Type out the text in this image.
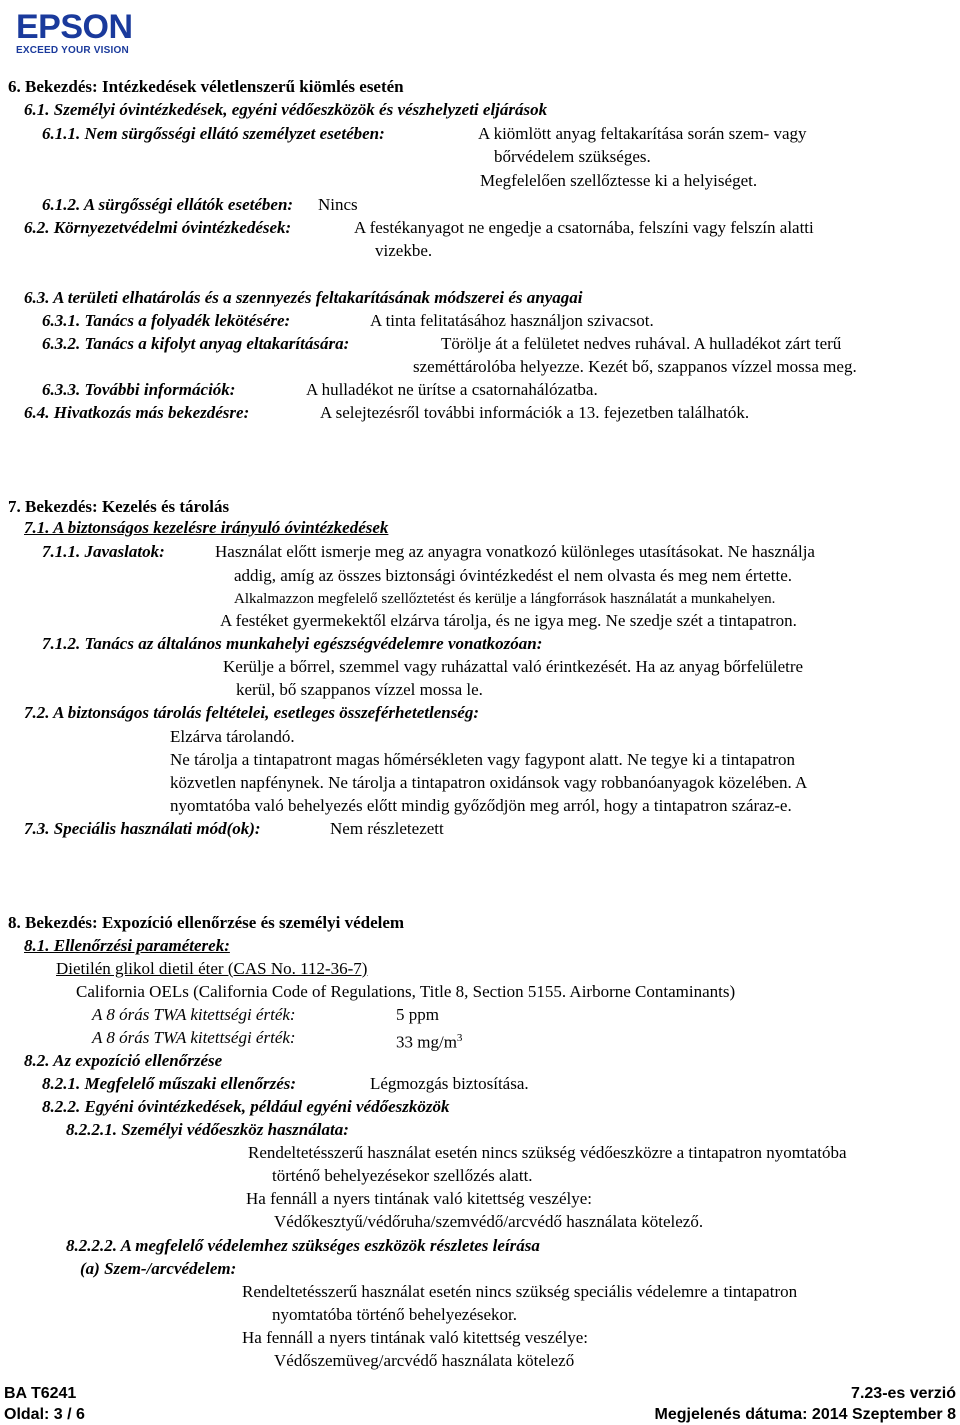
EPSON
EXCEED YOUR VISION
6. Bekezdés: Intézkedések véletlenszerű kiömlés esetén
6.1. Személyi óvintézkedések, egyéni védőeszközök és vészhelyzeti eljárások
6.1.1. Nem sürgősségi ellátó személyzet esetében:	A kiömlött anyag feltakarítása során szem- vagy
bőrvédelem szükséges.
Megfelelően szellőztesse ki a helyiséget.
6.1.2. A sürgősségi ellátók esetében: Nincs
6.2. Környezetvédelmi óvintézkedések:	A festékanyagot ne engedje a csatornába, felszíni vagy felszín alatti
vizekbe.
6.3. A területi elhatárolás és a szennyezés feltakarításának módszerei és anyagai
6.3.1. Tanács a folyadék lekötésére:	A tinta felitatásához használjon szivacsot.
6.3.2. Tanács a kifolyt anyag eltakarítására:	Törölje át a felületet nedves ruhával. A hulladékot zárt terű
szeméttárolóba helyezze. Kezét bő, szappanos vízzel mossa meg.
6.3.3. További információk:	A hulladékot ne ürítse a csatornahálózatba.
6.4. Hivatkozás más bekezdésre:	A selejtezésről további információk a 13. fejezetben találhatók.
7. Bekezdés: Kezelés és tárolás
7.1. A biztonságos kezelésre irányuló óvintézkedések
7.1.1. Javaslatok:	Használat előtt ismerje meg az anyagra vonatkozó különleges utasításokat. Ne használja
addig, amíg az összes biztonsági óvintézkedést el nem olvasta és meg nem értette.
Alkalmazzon megfelelő szellőztetést és kerülje a lángforrások használatát a munkahelyen.
A festéket gyermekektől elzárva tárolja, és ne igya meg. Ne szedje szét a tintapatron.
7.1.2. Tanács az általános munkahelyi egészségvédelemre vonatkozóan:
Kerülje a bőrrel, szemmel vagy ruházattal való érintkezését. Ha az anyag bőrfelületre
kerül, bő szappanos vízzel mossa le.
7.2. A biztonságos tárolás feltételei, esetleges összeférhetetlenség:
Elzárva tárolandó.
Ne tárolja a tintapatront magas hőmérsékleten vagy fagypont alatt. Ne tegye ki a tintapatron
közvetlen napfénynek. Ne tárolja a tintapatron oxidánsok vagy robbanóanyagok közelében. A
nyomtatóba való behelyezés előtt mindig győződjön meg arról, hogy a tintapatron száraz-e.
7.3. Speciális használati mód(ok):	Nem részletezett
8. Bekezdés: Expozíció ellenőrzése és személyi védelem
8.1. Ellenőrzési paraméterek:
Dietilén glikol dietil éter (CAS No. 112-36-7)
California OELs (California Code of Regulations, Title 8, Section 5155. Airborne Contaminants)
A 8 órás TWA kitettségi érték:	5 ppm
A 8 órás TWA kitettségi érték:	33 $mg/m^3$
8.2. Az expozíció ellenőrzése
8.2.1. Megfelelő műszaki ellenőrzés:	Légmozgás biztosítása.
8.2.2. Egyéni óvintézkedések, például egyéni védőeszközök
8.2.2.1. Személyi védőeszköz használata:
Rendeltetésszerű használat esetén nincs szükség védőeszközre a tintapatron nyomtatóba
történő behelyezésekor szellőzés alatt.
Ha fennáll a nyers tintának való kitettség veszélye:
Védőkesztyű/védőruha/szemvédő/arcvédő használata kötelező.
8.2.2.2. A megfelelő védelemhez szükséges eszközök részletes leírása
(a) Szem-/arcvédelem:
Rendeltetésszerű használat esetén nincs szükség speciális védelemre a tintapatron
nyomtatóba történő behelyezésekor.
Ha fennáll a nyers tintának való kitettség veszélye:
Védőszemüveg/arcvédő használata kötelező
BA T6241
Oldal: 3 / 6
7.23-es verzió
Megjelenés dátuma: 2014 Szeptember 8
